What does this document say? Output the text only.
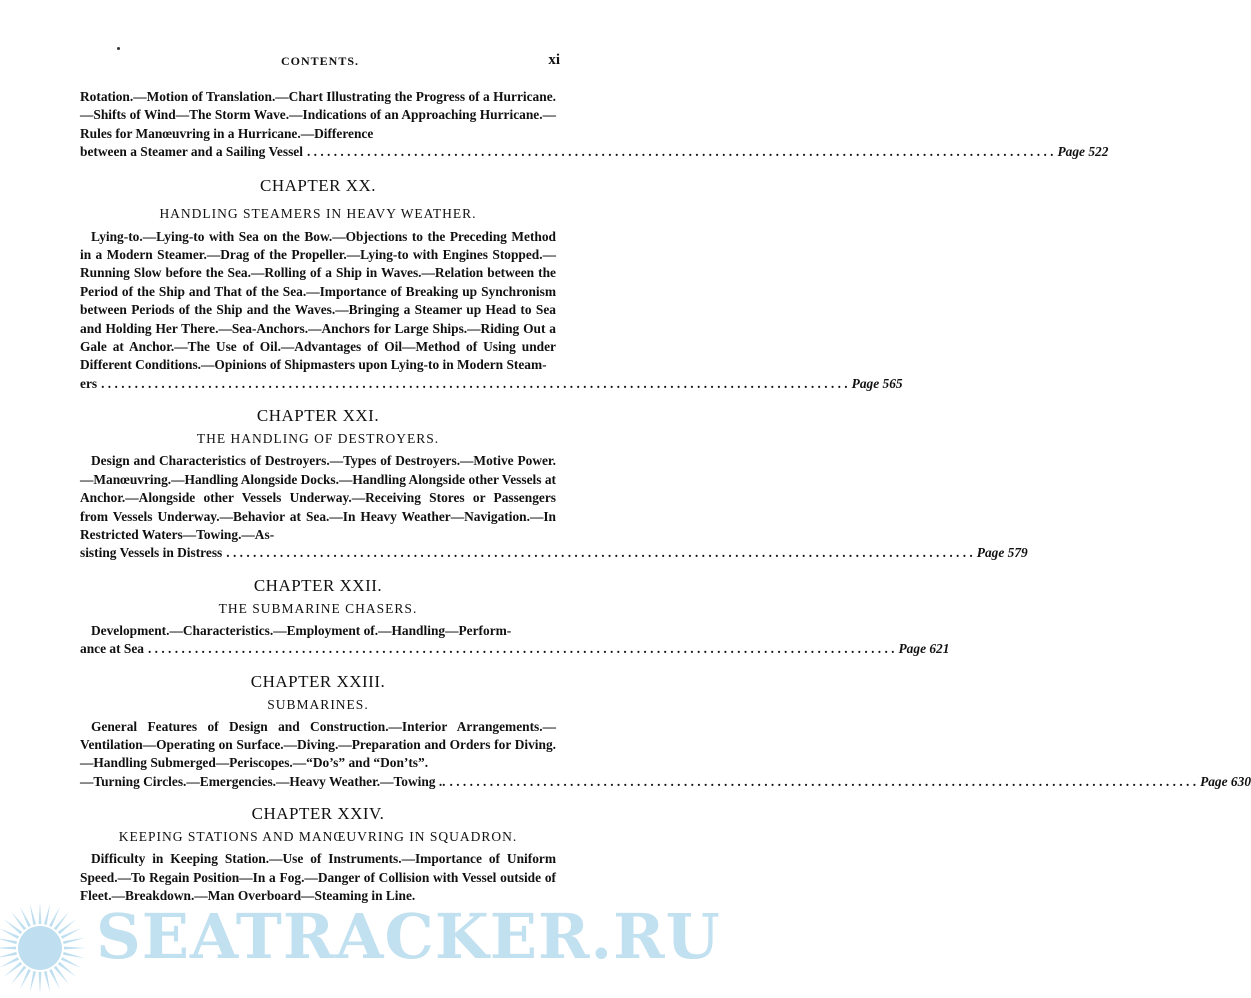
CONTENTS.	xi

Rotation.—Motion of Translation.—Chart Illustrating the Progress of a Hurricane.—Shifts of Wind—The Storm Wave.—Indications of an Approaching Hurricane.—Rules for Manœuvring in a Hurricane.—Difference

between a Steamer and a Sailing Vessel . . .	Page 522
CHAPTER XX.
HANDLING STEAMERS IN HEAVY WEATHER.

Lying-to.—Lying-to with Sea on the Bow.—Objections to the Preceding Method in a Modern Steamer.—Drag of the Propeller.—Lying-to with Engines Stopped.—Running Slow before the Sea.—Rolling of a Ship in Waves.—Relation between the Period of the Ship and That of the Sea.—Importance of Breaking up Synchronism between Periods of the Ship and the Waves.—Bringing a Steamer up Head to Sea and Holding Her There.—Sea-Anchors.—Anchors for Large Ships.—Riding Out a Gale at Anchor.—The Use of Oil.—Advantages of Oil—Method of Using under Different Conditions.—Opinions of Shipmasters upon Lying-to in Modern Steam-

ers . . .	Page 565
CHAPTER XXI.
THE HANDLING OF DESTROYERS.

Design and Characteristics of Destroyers.—Types of Destroyers.—Motive Power.—Manœuvring.—Handling Alongside Docks.—Handling Alongside other Vessels at Anchor.—Alongside other Vessels Underway.—Receiving Stores or Passengers from Vessels Underway.—Behavior at Sea.—In Heavy Weather—Navigation.—In Restricted Waters—Towing.—As-

sisting Vessels in Distress . . .	Page 579
CHAPTER XXII.
THE SUBMARINE CHASERS.

Development.—Characteristics.—Employment of.—Handling—Perform-

ance at Sea . . .	Page 621
CHAPTER XXIII.
SUBMARINES.

General Features of Design and Construction.—Interior Arrangements.—Ventilation—Operating on Surface.—Diving.—Preparation and Orders for Diving.—Handling Submerged—Periscopes.—“Do’s” and “Don’ts”.

—Turning Circles.—Emergencies.—Heavy Weather.—Towing .. . . .	Page 630
CHAPTER XXIV.
KEEPING STATIONS AND MANŒUVRING IN SQUADRON.

Difficulty in Keeping Station.—Use of Instruments.—Importance of Uniform Speed.—To Regain Position—In a Fog.—Danger of Collision with Vessel outside of Fleet.—Breakdown.—Man Overboard—Steaming in Line.

SEATRACKER.RU
